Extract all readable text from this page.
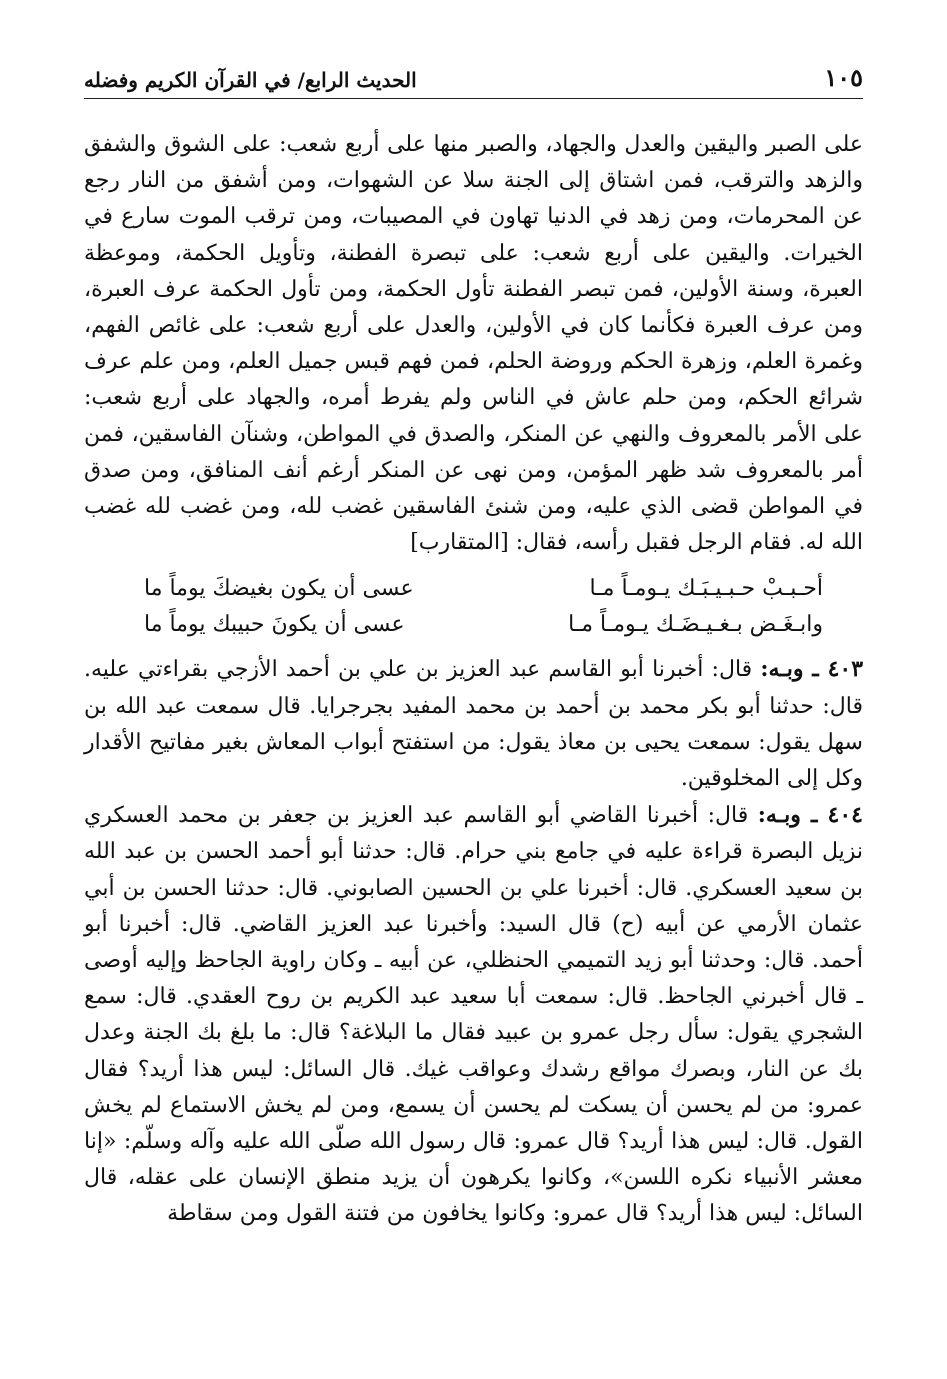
الحديث الرابع/ في القرآن الكريم وفضله	١٠٥

على الصبر واليقين والعدل والجهاد، والصبر منها على أربع شعب: على الشوق والشفق والزهد والترقب، فمن اشتاق إلى الجنة سلا عن الشهوات، ومن أشفق من النار رجع عن المحرمات، ومن زهد في الدنيا تهاون في المصيبات، ومن ترقب الموت سارع في الخيرات. واليقين على أربع شعب: على تبصرة الفطنة، وتأويل الحكمة، وموعظة العبرة، وسنة الأولين، فمن تبصر الفطنة تأول الحكمة، ومن تأول الحكمة عرف العبرة، ومن عرف العبرة فكأنما كان في الأولين، والعدل على أربع شعب: على غائص الفهم، وغمرة العلم، وزهرة الحكم وروضة الحلم، فمن فهم قبس جميل العلم، ومن علم عرف شرائع الحكم، ومن حلم عاش في الناس ولم يفرط أمره، والجهاد على أربع شعب: على الأمر بالمعروف والنهي عن المنكر، والصدق في المواطن، وشنآن الفاسقين، فمن أمر بالمعروف شد ظهر المؤمن، ومن نهى عن المنكر أرغم أنف المنافق، ومن صدق في المواطن قضى الذي عليه، ومن شنئ الفاسقين غضب لله، ومن غضب لله غضب الله له. فقام الرجل فقبل رأسه، فقال: [المتقارب]

أحـبـبْ حـبـيـبَـك يـومـاً مـا
عسى أن يكون بغيضكَ يوماً ما
وابـغَـض بـغـيـضَـك يـومـاً مـا
عسى أن يكونَ حبيبك يوماً ما

٤٠٣ ـ وبـه: قال: أخبرنا أبو القاسم عبد العزيز بن علي بن أحمد الأزجي بقراءتي عليه. قال: حدثنا أبو بكر محمد بن أحمد بن محمد المفيد بجرجرايا. قال سمعت عبد الله بن سهل يقول: سمعت يحيى بن معاذ يقول: من استفتح أبواب المعاش بغير مفاتيح الأقدار وكل إلى المخلوقين.

٤٠٤ ـ وبـه: قال: أخبرنا القاضي أبو القاسم عبد العزيز بن جعفر بن محمد العسكري نزيل البصرة قراءة عليه في جامع بني حرام. قال: حدثنا أبو أحمد الحسن بن عبد الله بن سعيد العسكري. قال: أخبرنا علي بن الحسين الصابوني. قال: حدثنا الحسن بن أبي عثمان الأرمي عن أبيه (ح) قال السيد: وأخبرنا عبد العزيز القاضي. قال: أخبرنا أبو أحمد. قال: وحدثنا أبو زيد التميمي الحنظلي، عن أبيه ـ وكان راوية الجاحظ وإليه أوصى ـ قال أخبرني الجاحظ. قال: سمعت أبا سعيد عبد الكريم بن روح العقدي. قال: سمع الشجري يقول: سأل رجل عمرو بن عبيد فقال ما البلاغة؟ قال: ما بلغ بك الجنة وعدل بك عن النار، وبصرك مواقع رشدك وعواقب غيك. قال السائل: ليس هذا أريد؟ فقال عمرو: من لم يحسن أن يسكت لم يحسن أن يسمع، ومن لم يخش الاستماع لم يخش القول. قال: ليس هذا أريد؟ قال عمرو: قال رسول الله صلّى الله عليه وآله وسلّم: «إنا معشر الأنبياء نكره اللسن»، وكانوا يكرهون أن يزيد منطق الإنسان على عقله، قال السائل: ليس هذا أريد؟ قال عمرو: وكانوا يخافون من فتنة القول ومن سقاطة
